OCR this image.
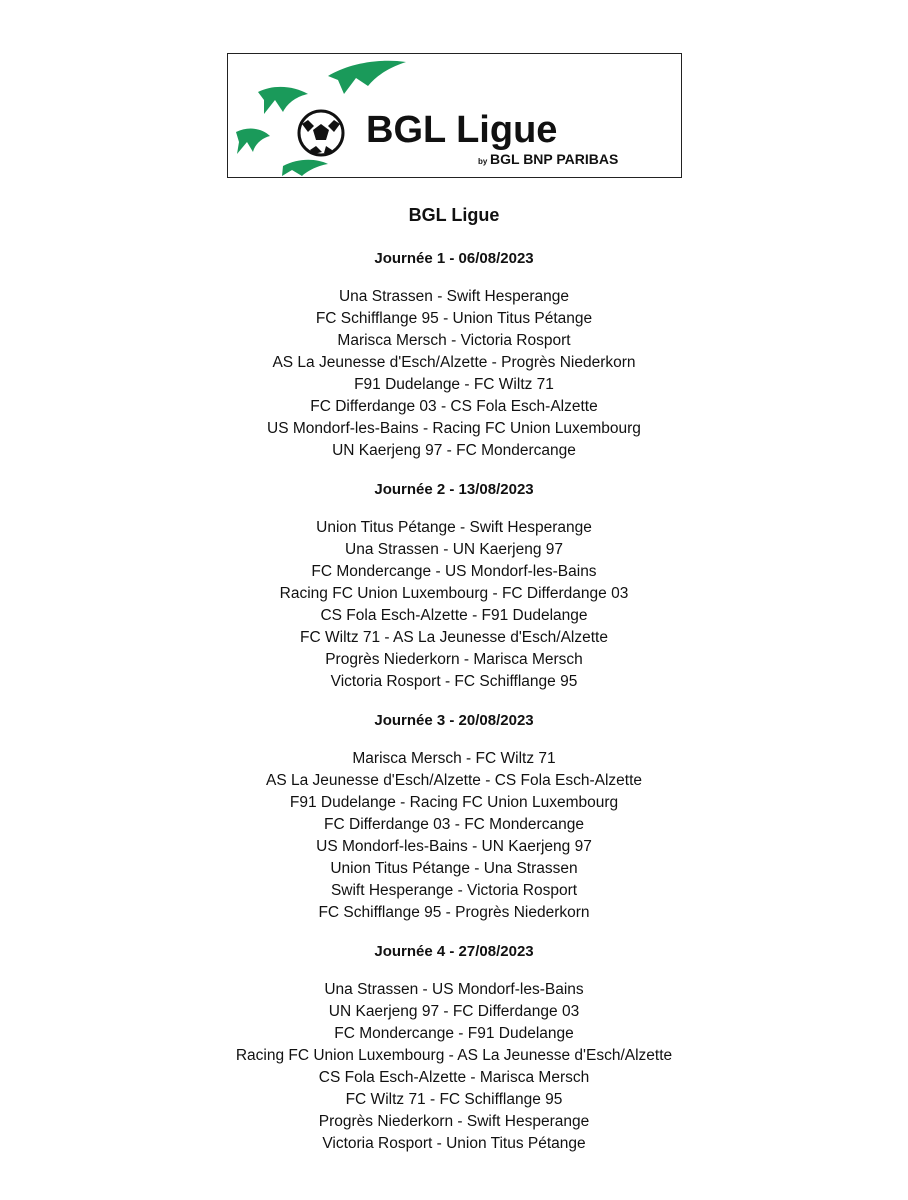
BGL Ligue
by BGL BNP PARIBAS
BGL Ligue
Journée 1 - 06/08/2023
Una Strassen - Swift Hesperange
FC Schifflange 95 - Union Titus Pétange
Marisca Mersch - Victoria Rosport
AS La Jeunesse d'Esch/Alzette - Progrès Niederkorn
F91 Dudelange - FC Wiltz 71
FC Differdange 03 - CS Fola Esch-Alzette
US Mondorf-les-Bains - Racing FC Union Luxembourg
UN Kaerjeng 97 - FC Mondercange
Journée 2 - 13/08/2023
Union Titus Pétange - Swift Hesperange
Una Strassen - UN Kaerjeng 97
FC Mondercange - US Mondorf-les-Bains
Racing FC Union Luxembourg - FC Differdange 03
CS Fola Esch-Alzette - F91 Dudelange
FC Wiltz 71 - AS La Jeunesse d'Esch/Alzette
Progrès Niederkorn - Marisca Mersch
Victoria Rosport - FC Schifflange 95
Journée 3 - 20/08/2023
Marisca Mersch - FC Wiltz 71
AS La Jeunesse d'Esch/Alzette - CS Fola Esch-Alzette
F91 Dudelange - Racing FC Union Luxembourg
FC Differdange 03 - FC Mondercange
US Mondorf-les-Bains - UN Kaerjeng 97
Union Titus Pétange - Una Strassen
Swift Hesperange - Victoria Rosport
FC Schifflange 95 - Progrès Niederkorn
Journée 4 - 27/08/2023
Una Strassen - US Mondorf-les-Bains
UN Kaerjeng 97 - FC Differdange 03
FC Mondercange - F91 Dudelange
Racing FC Union Luxembourg - AS La Jeunesse d'Esch/Alzette
CS Fola Esch-Alzette - Marisca Mersch
FC Wiltz 71 - FC Schifflange 95
Progrès Niederkorn - Swift Hesperange
Victoria Rosport - Union Titus Pétange
